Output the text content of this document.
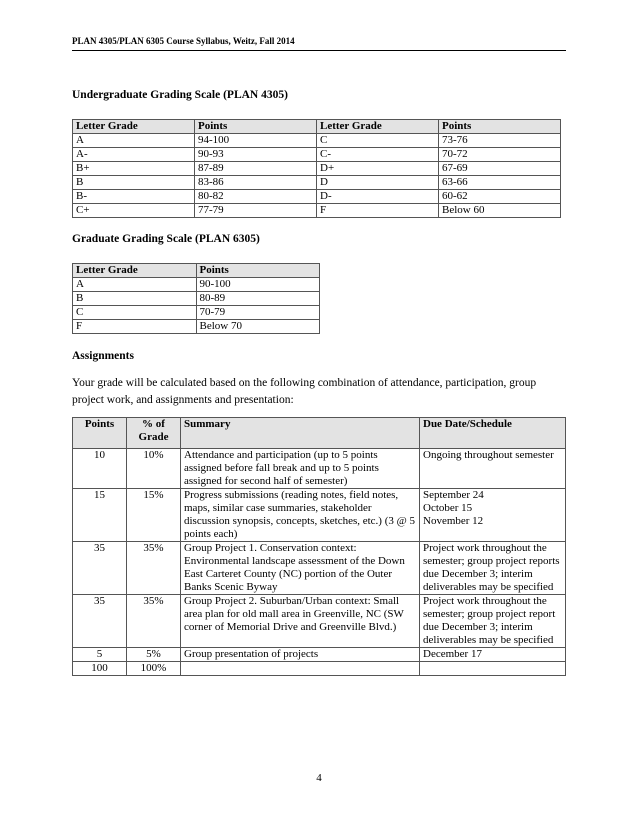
PLAN 4305/PLAN 6305 Course Syllabus, Weitz, Fall 2014
Undergraduate Grading Scale (PLAN 4305)
Letter Grade	Points	Letter Grade	Points
A	94-100	C	73-76
A-	90-93	C-	70-72
B+	87-89	D+	67-69
B	83-86	D	63-66
B-	80-82	D-	60-62
C+	77-79	F	Below 60
Graduate Grading Scale (PLAN 6305)
Letter Grade	Points
A	90-100
B	80-89
C	70-79
F	Below 70
Assignments

Your grade will be calculated based on the following combination of attendance, participation, group project work, and assignments and presentation:

Points	% of Grade	Summary	Due Date/Schedule
10	10%	Attendance and participation (up to 5 points assigned before fall break and up to 5 points assigned for second half of semester)	Ongoing throughout semester
15	15%	Progress submissions (reading notes, field notes, maps, similar case summaries, stakeholder discussion synopsis, concepts, sketches, etc.) (3 @ 5 points each)	September 24
October 15
November 12
35	35%	Group Project 1. Conservation context: Environmental landscape assessment of the Down East Carteret County (NC) portion of the Outer Banks Scenic Byway	Project work throughout the semester; group project reports due December 3; interim deliverables may be specified
35	35%	Group Project 2. Suburban/Urban context: Small area plan for old mall area in Greenville, NC (SW corner of Memorial Drive and Greenville Blvd.)	Project work throughout the semester; group project report due December 3; interim deliverables may be specified
5	5%	Group presentation of projects	December 17
100	100%		
4
